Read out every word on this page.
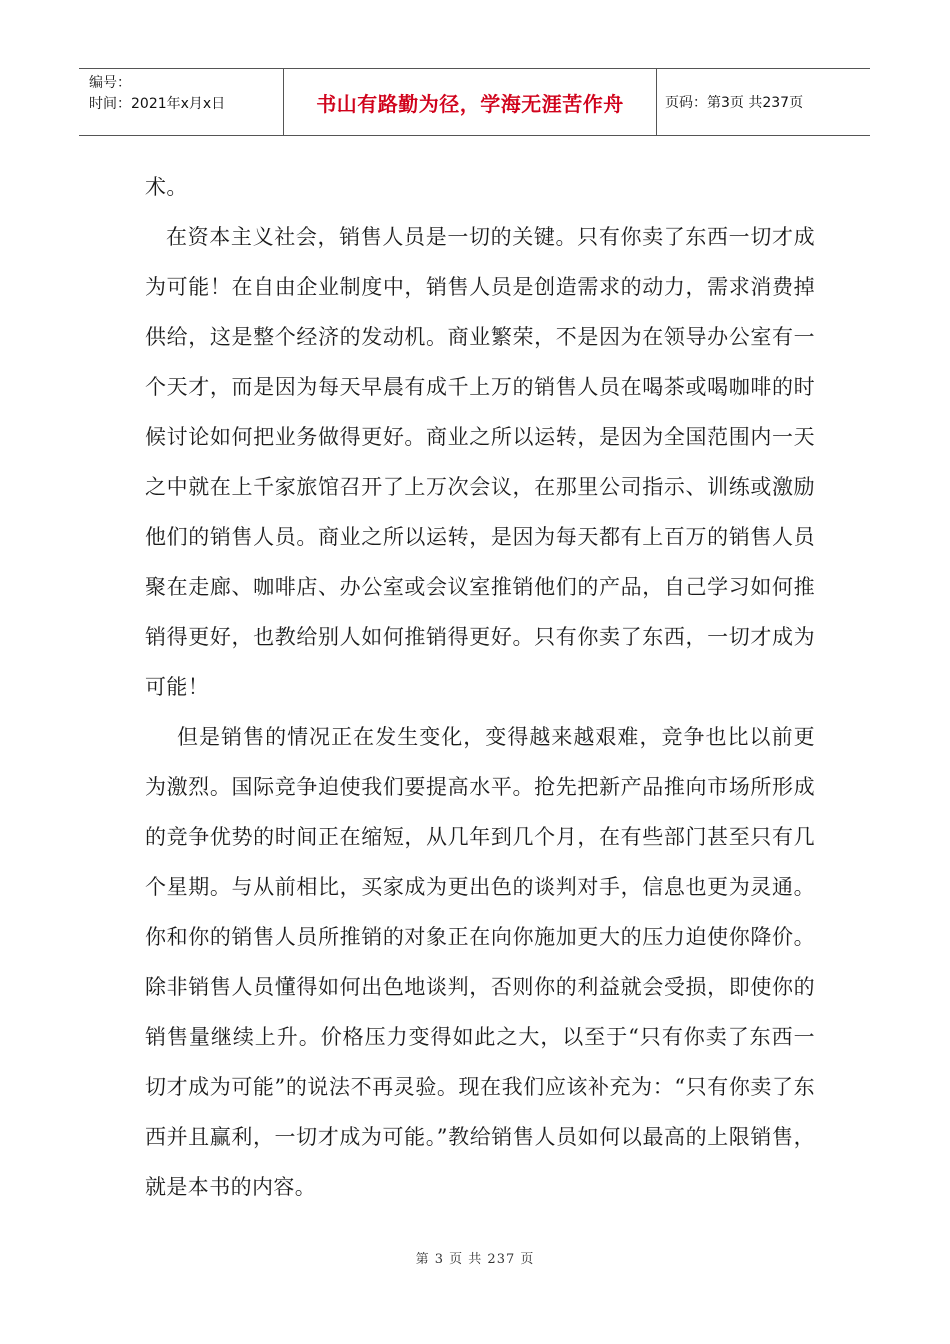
编号：
时间：2021年x月x日	书山有路勤为径，学海无涯苦作舟	页码：第3页 共237页

术。

在资本主义社会，销售人员是一切的关键。只有你卖了东西一切才成为可能！在自由企业制度中，销售人员是创造需求的动力，需求消费掉供给，这是整个经济的发动机。商业繁荣，不是因为在领导办公室有一个天才，而是因为每天早晨有成千上万的销售人员在喝茶或喝咖啡的时候讨论如何把业务做得更好。商业之所以运转，是因为全国范围内一天之中就在上千家旅馆召开了上万次会议，在那里公司指示、训练或激励他们的销售人员。商业之所以运转，是因为每天都有上百万的销售人员聚在走廊、咖啡店、办公室或会议室推销他们的产品，自己学习如何推销得更好，也教给别人如何推销得更好。只有你卖了东西，一切才成为可能！

但是销售的情况正在发生变化，变得越来越艰难，竞争也比以前更为激烈。国际竞争迫使我们要提高水平。抢先把新产品推向市场所形成的竞争优势的时间正在缩短，从几年到几个月，在有些部门甚至只有几个星期。与从前相比，买家成为更出色的谈判对手，信息也更为灵通。你和你的销售人员所推销的对象正在向你施加更大的压力迫使你降价。除非销售人员懂得如何出色地谈判，否则你的利益就会受损，即使你的销售量继续上升。价格压力变得如此之大，以至于“只有你卖了东西一切才成为可能”的说法不再灵验。现在我们应该补充为：“只有你卖了东西并且赢利，一切才成为可能。”教给销售人员如何以最高的上限销售，就是本书的内容。

第 3 页 共 237 页
